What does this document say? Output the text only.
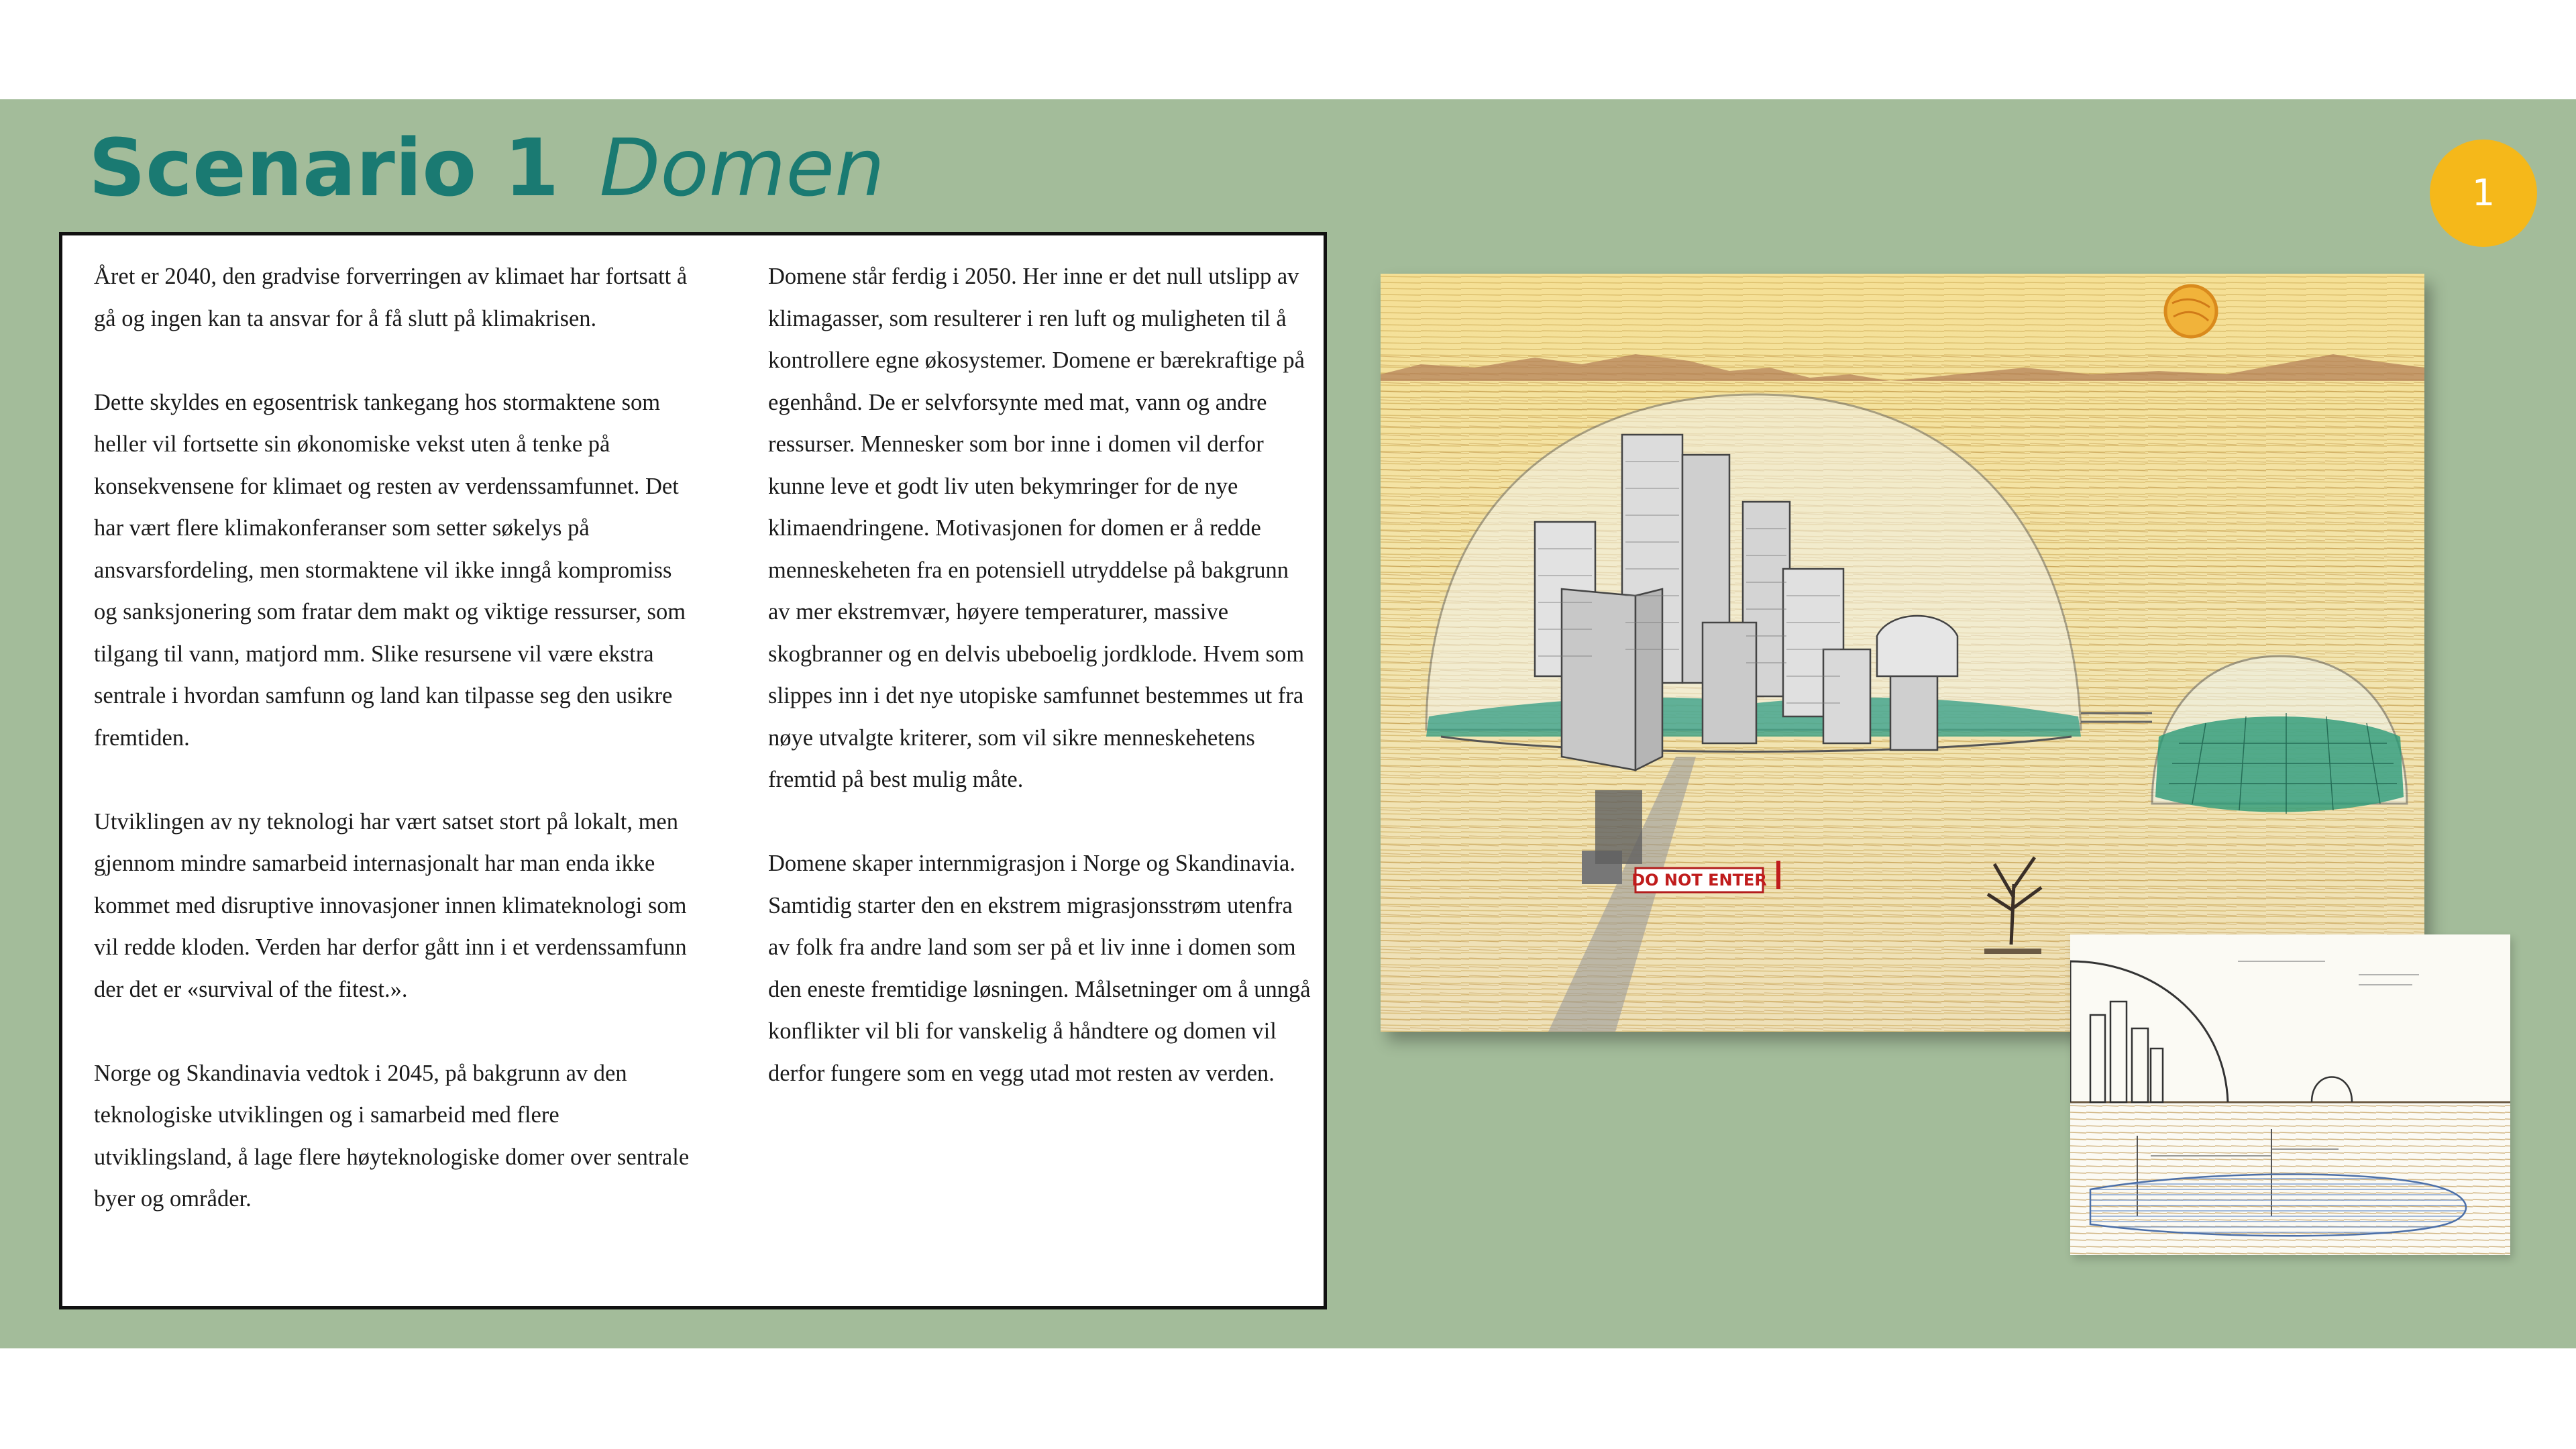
Scenario 1 Domen	1

Året er 2040, den gradvise forverringen av klimaet har fortsatt å gå og ingen kan ta ansvar for å få slutt på klimakrisen.

Dette skyldes en egosentrisk tankegang hos stormaktene som heller vil fortsette sin økonomiske vekst uten å tenke på konsekvensene for klimaet og resten av verdenssamfunnet. Det har vært flere klimakonferanser som setter søkelys på ansvarsfordeling, men stormaktene vil ikke inngå kompromiss og sanksjonering som fratar dem makt og viktige ressurser, som tilgang til vann, matjord mm. Slike resursene vil være ekstra sentrale i hvordan samfunn og land kan tilpasse seg den usikre fremtiden.

Utviklingen av ny teknologi har vært satset stort på lokalt, men gjennom mindre samarbeid internasjonalt har man enda ikke kommet med disruptive innovasjoner innen klimateknologi som vil redde kloden. Verden har derfor gått inn i et verdenssamfunn der det er «survival of the fitest.».

Norge og Skandinavia vedtok i 2045, på bakgrunn av den teknologiske utviklingen og i samarbeid med flere utviklingsland, å lage flere høyteknologiske domer over sentrale byer og områder.

Domene står ferdig i 2050. Her inne er det null utslipp av klimagasser, som resulterer i ren luft og muligheten til å kontrollere egne økosystemer. Domene er bærekraftige på egenhånd. De er selvforsynte med mat, vann og andre ressurser. Mennesker som bor inne i domen vil derfor kunne leve et godt liv uten bekymringer for de nye klimaendringene. Motivasjonen for domen er å redde menneskeheten fra en potensiell utryddelse på bakgrunn av mer ekstremvær, høyere temperaturer, massive skogbranner og en delvis ubeboelig jordklode. Hvem som slippes inn i det nye utopiske samfunnet bestemmes ut fra nøye utvalgte kriterer, som vil sikre menneskehetens fremtid på best mulig måte.

Domene skaper internmigrasjon i Norge og Skandinavia. Samtidig starter den en ekstrem migrasjonsstrøm utenfra av folk fra andre land som ser på et liv inne i domen som den eneste fremtidige løsningen. Målsetninger om å unngå konflikter vil bli for vanskelig å håndtere og domen vil derfor fungere som en vegg utad mot resten av verden.

DO NOT ENTER
